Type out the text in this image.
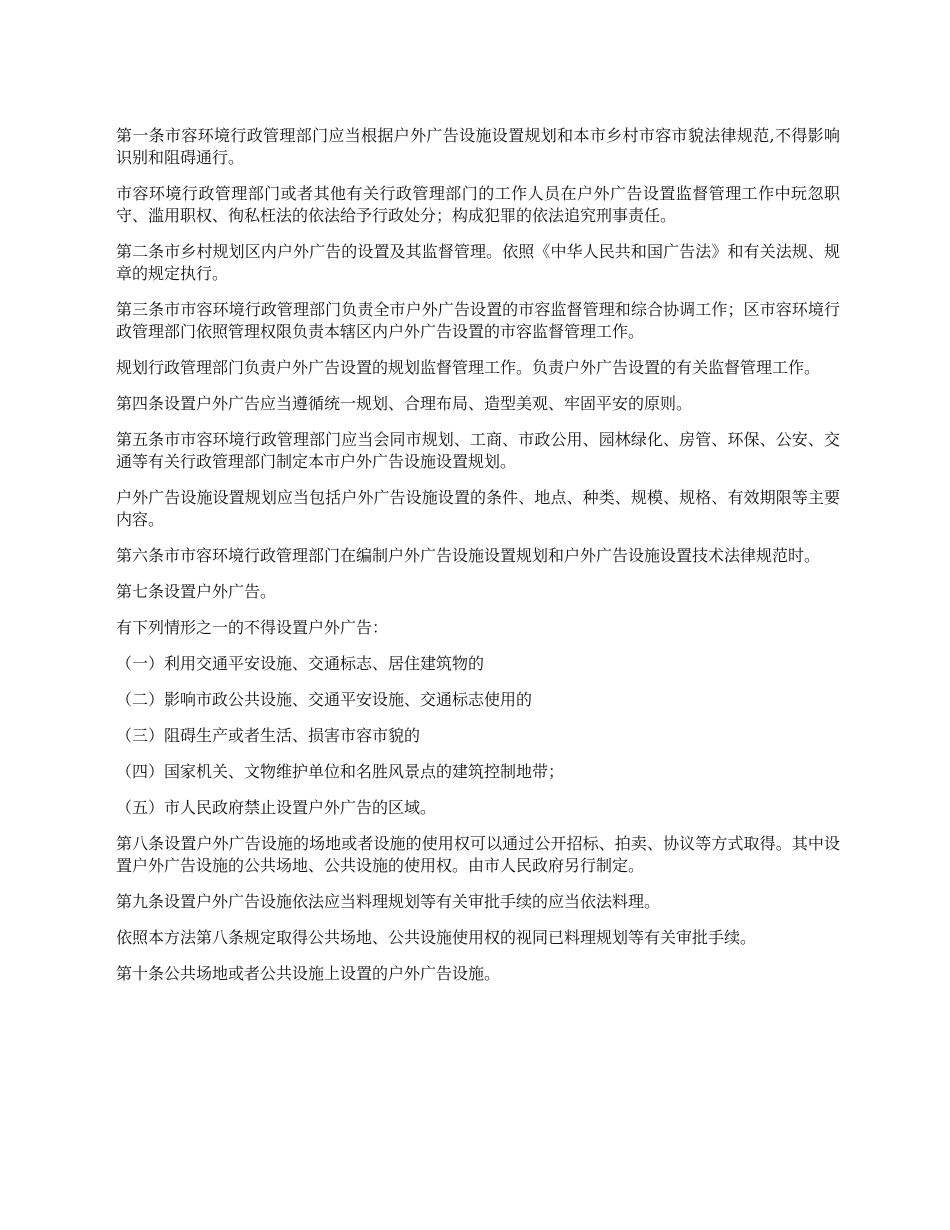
第一条市容环境行政管理部门应当根据户外广告设施设置规划和本市乡村市容市貌法律规范,不得影响识别和阻碍通行。

市容环境行政管理部门或者其他有关行政管理部门的工作人员在户外广告设置监督管理工作中玩忽职守、滥用职权、徇私枉法的依法给予行政处分；构成犯罪的依法追究刑事责任。

第二条市乡村规划区内户外广告的设置及其监督管理。依照《中华人民共和国广告法》和有关法规、规章的规定执行。

第三条市市容环境行政管理部门负责全市户外广告设置的市容监督管理和综合协调工作；区市容环境行政管理部门依照管理权限负责本辖区内户外广告设置的市容监督管理工作。

规划行政管理部门负责户外广告设置的规划监督管理工作。负责户外广告设置的有关监督管理工作。

第四条设置户外广告应当遵循统一规划、合理布局、造型美观、牢固平安的原则。

第五条市市容环境行政管理部门应当会同市规划、工商、市政公用、园林绿化、房管、环保、公安、交通等有关行政管理部门制定本市户外广告设施设置规划。

户外广告设施设置规划应当包括户外广告设施设置的条件、地点、种类、规模、规格、有效期限等主要内容。

第六条市市容环境行政管理部门在编制户外广告设施设置规划和户外广告设施设置技术法律规范时。

第七条设置户外广告。

有下列情形之一的不得设置户外广告：

（一）利用交通平安设施、交通标志、居住建筑物的

（二）影响市政公共设施、交通平安设施、交通标志使用的

（三）阻碍生产或者生活、损害市容市貌的

（四）国家机关、文物维护单位和名胜风景点的建筑控制地带；

（五）市人民政府禁止设置户外广告的区域。

第八条设置户外广告设施的场地或者设施的使用权可以通过公开招标、拍卖、协议等方式取得。其中设置户外广告设施的公共场地、公共设施的使用权。由市人民政府另行制定。

第九条设置户外广告设施依法应当料理规划等有关审批手续的应当依法料理。

依照本方法第八条规定取得公共场地、公共设施使用权的视同已料理规划等有关审批手续。

第十条公共场地或者公共设施上设置的户外广告设施。
